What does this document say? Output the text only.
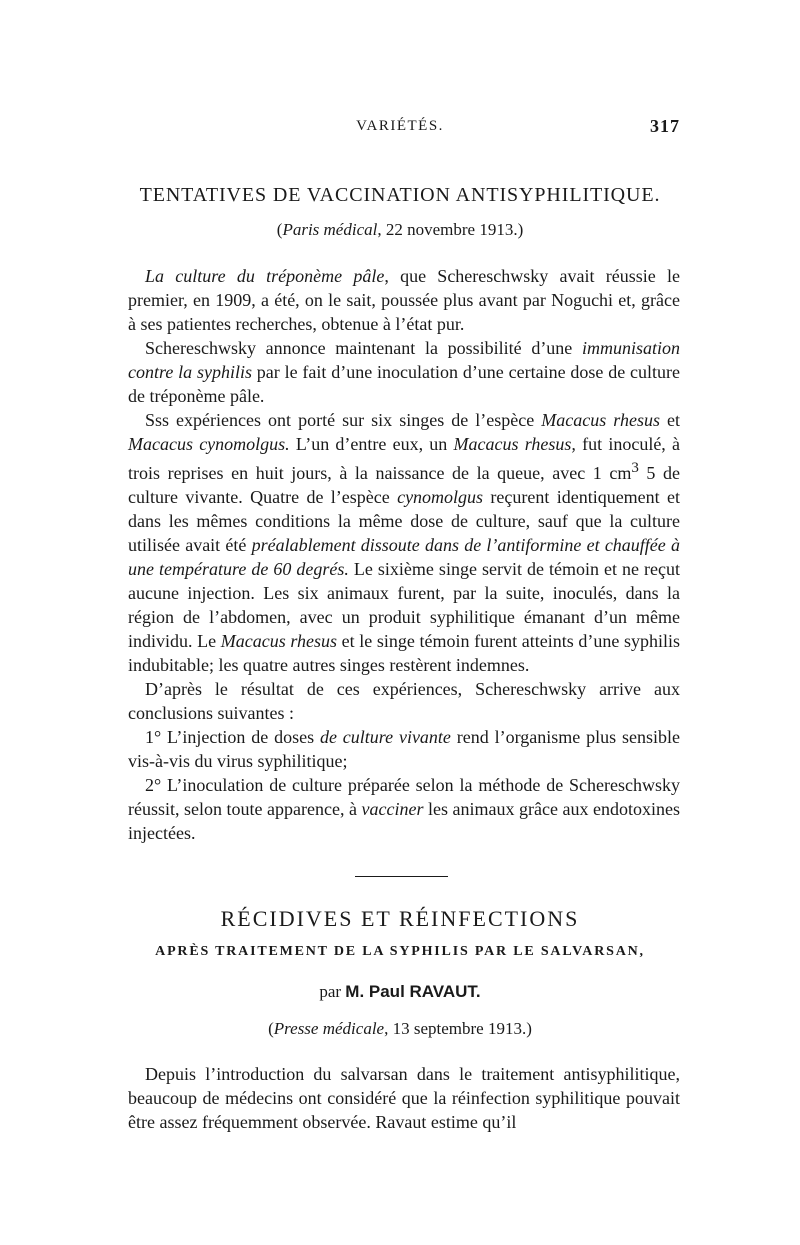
VARIÉTÉS.	317
TENTATIVES DE VACCINATION ANTISYPHILITIQUE.
(Paris médical, 22 novembre 1913.)

La culture du tréponème pâle, que Schereschwsky avait réussie le premier, en 1909, a été, on le sait, poussée plus avant par Noguchi et, grâce à ses patientes recherches, obtenue à l’état pur.

Schereschwsky annonce maintenant la possibilité d’une immunisation contre la syphilis par le fait d’une inoculation d’une certaine dose de culture de tréponème pâle.

Sss expériences ont porté sur six singes de l’espèce Macacus rhesus et Macacus cynomolgus. L’un d’entre eux, un Macacus rhesus, fut inoculé, à trois reprises en huit jours, à la naissance de la queue, avec 1 $cm^3$ 5 de culture vivante. Quatre de l’espèce cynomolgus reçurent identiquement et dans les mêmes conditions la même dose de culture, sauf que la culture utilisée avait été préalablement dissoute dans de l’antiformine et chauffée à une température de 60 degrés. Le sixième singe servit de témoin et ne reçut aucune injection. Les six animaux furent, par la suite, inoculés, dans la région de l’abdomen, avec un produit syphilitique émanant d’un même individu. Le Macacus rhesus et le singe témoin furent atteints d’une syphilis indubitable; les quatre autres singes restèrent indemnes.

D’après le résultat de ces expériences, Schereschwsky arrive aux conclusions suivantes :

1° L’injection de doses de culture vivante rend l’organisme plus sensible vis-à-vis du virus syphilitique;

2° L’inoculation de culture préparée selon la méthode de Schereschwsky réussit, selon toute apparence, à vacciner les animaux grâce aux endotoxines injectées.

RÉCIDIVES ET RÉINFECTIONS
APRÈS TRAITEMENT DE LA SYPHILIS PAR LE SALVARSAN,
par M. Paul RAVAUT.
(Presse médicale, 13 septembre 1913.)

Depuis l’introduction du salvarsan dans le traitement antisyphilitique, beaucoup de médecins ont considéré que la réinfection syphilitique pouvait être assez fréquemment observée. Ravaut estime qu’il
